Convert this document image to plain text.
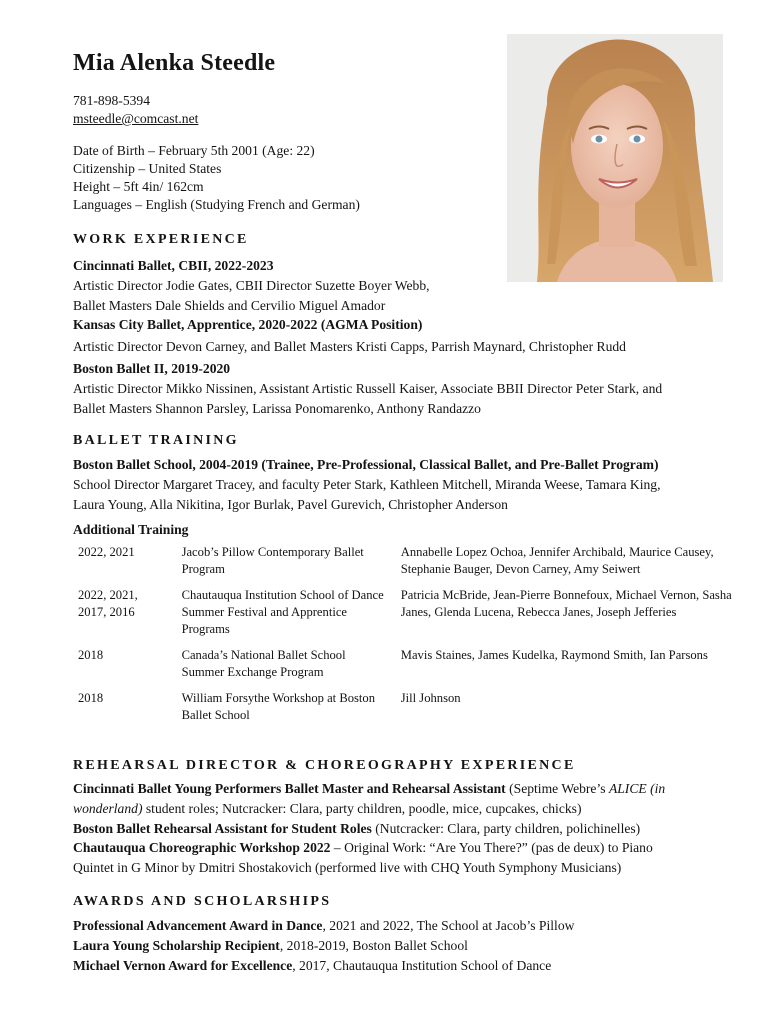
Mia Alenka Steedle
781-898-5394
msteedle@comcast.net
Date of Birth – February 5th 2001 (Age: 22)
Citizenship – United States
Height – 5ft 4in/ 162cm
Languages – English (Studying French and German)
WORK EXPERIENCE
Cincinnati Ballet, CBII, 2022-2023
Artistic Director Jodie Gates, CBII Director Suzette Boyer Webb,
Ballet Masters Dale Shields and Cervilio Miguel Amador
Kansas City Ballet, Apprentice, 2020-2022 (AGMA Position)
Artistic Director Devon Carney, and Ballet Masters Kristi Capps, Parrish Maynard, Christopher Rudd
Boston Ballet II, 2019-2020
Artistic Director Mikko Nissinen, Assistant Artistic Russell Kaiser, Associate BBII Director Peter Stark, and
Ballet Masters Shannon Parsley, Larissa Ponomarenko, Anthony Randazzo
BALLET TRAINING
Boston Ballet School, 2004-2019 (Trainee, Pre-Professional, Classical Ballet, and Pre-Ballet Program)
School Director Margaret Tracey, and faculty Peter Stark, Kathleen Mitchell, Miranda Weese, Tamara King,
Laura Young, Alla Nikitina, Igor Burlak, Pavel Gurevich, Christopher Anderson
Additional Training
2022, 2021	Jacob’s Pillow Contemporary Ballet Program	Annabelle Lopez Ochoa, Jennifer Archibald, Maurice Causey, Stephanie Bauger, Devon Carney, Amy Seiwert
2022, 2021, 2017, 2016	Chautauqua Institution School of Dance Summer Festival and Apprentice Programs	Patricia McBride, Jean-Pierre Bonnefoux, Michael Vernon, Sasha Janes, Glenda Lucena, Rebecca Janes, Joseph Jefferies
2018	Canada’s National Ballet School Summer Exchange Program	Mavis Staines, James Kudelka, Raymond Smith, Ian Parsons
2018	William Forsythe Workshop at Boston Ballet School	Jill Johnson
REHEARSAL DIRECTOR & CHOREOGRAPHY EXPERIENCE
Cincinnati Ballet Young Performers Ballet Master and Rehearsal Assistant (Septime Webre’s ALICE (in
wonderland) student roles; Nutcracker: Clara, party children, poodle, mice, cupcakes, chicks)
Boston Ballet Rehearsal Assistant for Student Roles (Nutcracker: Clara, party children, polichinelles)
Chautauqua Choreographic Workshop 2022 – Original Work: “Are You There?” (pas de deux) to Piano
Quintet in G Minor by Dmitri Shostakovich (performed live with CHQ Youth Symphony Musicians)
AWARDS AND SCHOLARSHIPS
Professional Advancement Award in Dance, 2021 and 2022, The School at Jacob’s Pillow
Laura Young Scholarship Recipient, 2018-2019, Boston Ballet School
Michael Vernon Award for Excellence, 2017, Chautauqua Institution School of Dance
